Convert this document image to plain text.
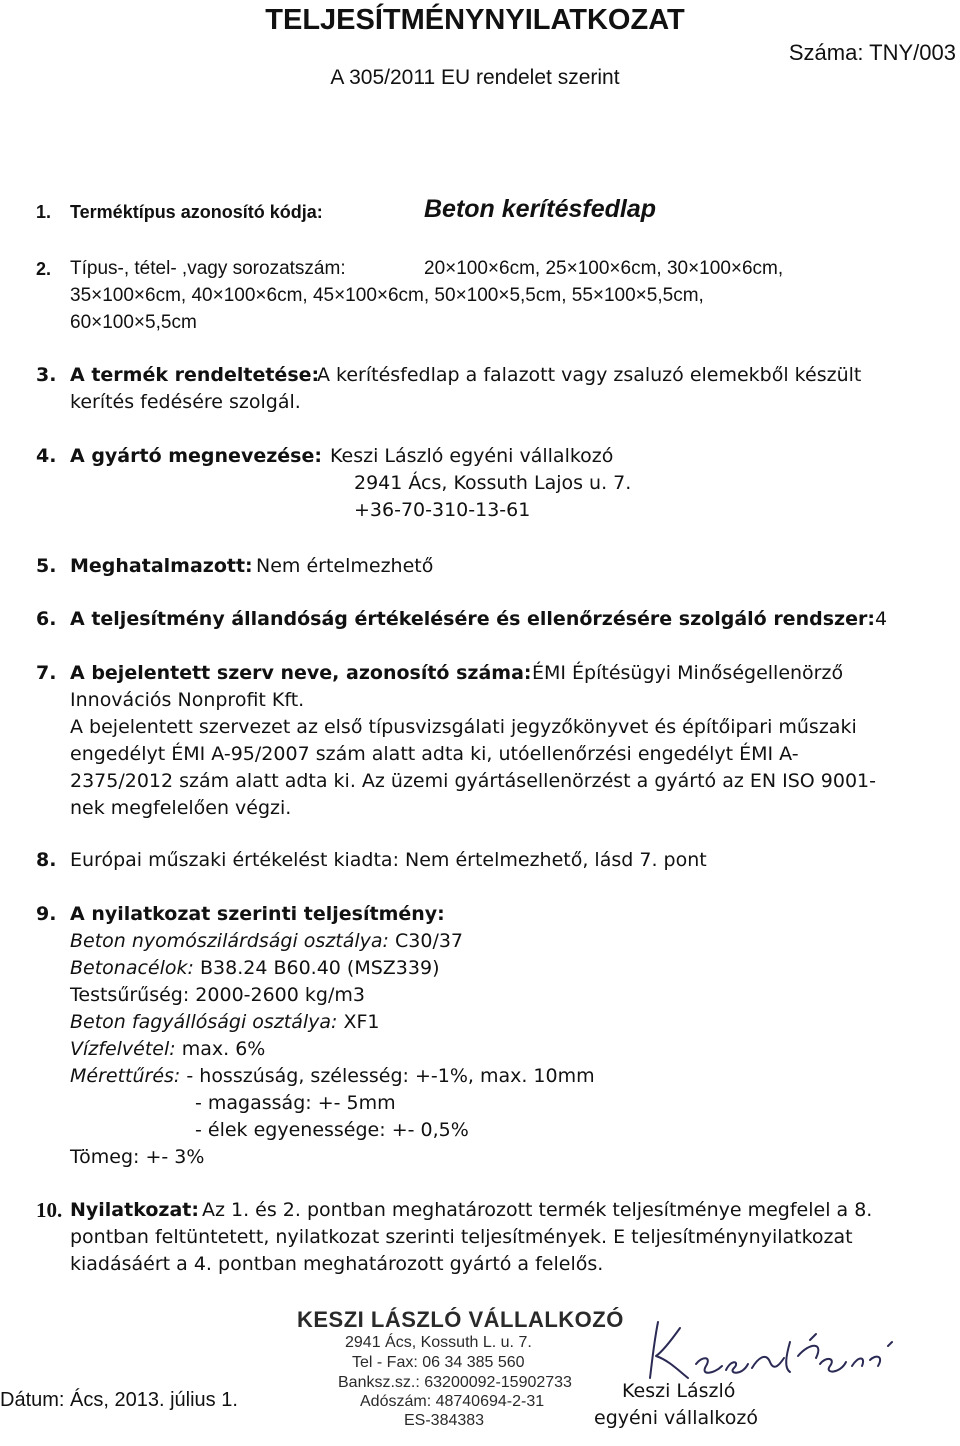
TELJESÍTMÉNYNYILATKOZAT
A 305/2011 EU rendelet szerint
Száma: TNY/003
1. Terméktípus azonosító kódja:	Beton kerítésfedlap
2. Típus-, tétel- ,vagy sorozatszám:	20×100×6cm, 25×100×6cm, 30×100×6cm,
35×100×6cm, 40×100×6cm, 45×100×6cm, 50×100×5,5cm, 55×100×5,5cm,
60×100×5,5cm
3. A termék rendeltetése:
A kerítésfedlap a falazott vagy zsaluzó elemekből készült
kerítés fedésére szolgál.
4. A gyártó megnevezése: Keszi László egyéni vállalkozó
2941 Ács, Kossuth Lajos u. 7.
+36-70-310-13-61
5. Meghatalmazott: Nem értelmezhető
6. A teljesítmény állandóság értékelésére és ellenőrzésére szolgáló rendszer: 4
7. A bejelentett szerv neve, azonosító száma: ÉMI Építésügyi Minőségellenörző
Innovációs Nonprofit Kft.
A bejelentett szervezet az első típusvizsgálati jegyzőkönyvet és építőipari műszaki
engedélyt ÉMI A-95/2007 szám alatt adta ki, utóellenőrzési engedélyt ÉMI A-
2375/2012 szám alatt adta ki. Az üzemi gyártásellenörzést a gyártó az EN ISO 9001-
nek megfelelően végzi.
8. Európai műszaki értékelést kiadta: Nem értelmezhető, lásd 7. pont
9. A nyilatkozat szerinti teljesítmény:
Beton nyomószilárdsági osztálya: C30/37
Betonacélok: B38.24 B60.40 (MSZ339)
Testsűrűség: 2000-2600 kg/m3
Beton fagyállósági osztálya: XF1
Vízfelvétel: max. 6%
Mérettűrés: - hosszúság, szélesség: +-1%, max. 10mm
- magasság: +- 5mm
- élek egyenessége: +- 0,5%
Tömeg: +- 3%
10. Nyilatkozat: Az 1. és 2. pontban meghatározott termék teljesítménye megfelel a 8.
pontban feltüntetett, nyilatkozat szerinti teljesítmények. E teljesítménynyilatkozat
kiadásáért a 4. pontban meghatározott gyártó a felelős.
Dátum: Ács, 2013. július 1.
KESZI LÁSZLÓ VÁLLALKOZÓ
2941 Ács, Kossuth L. u. 7.
Tel - Fax: 06 34 385 560
Banksz.sz.: 63200092-15902733
Adószám: 48740694-2-31
ES-384383
Keszi László
egyéni vállalkozó
